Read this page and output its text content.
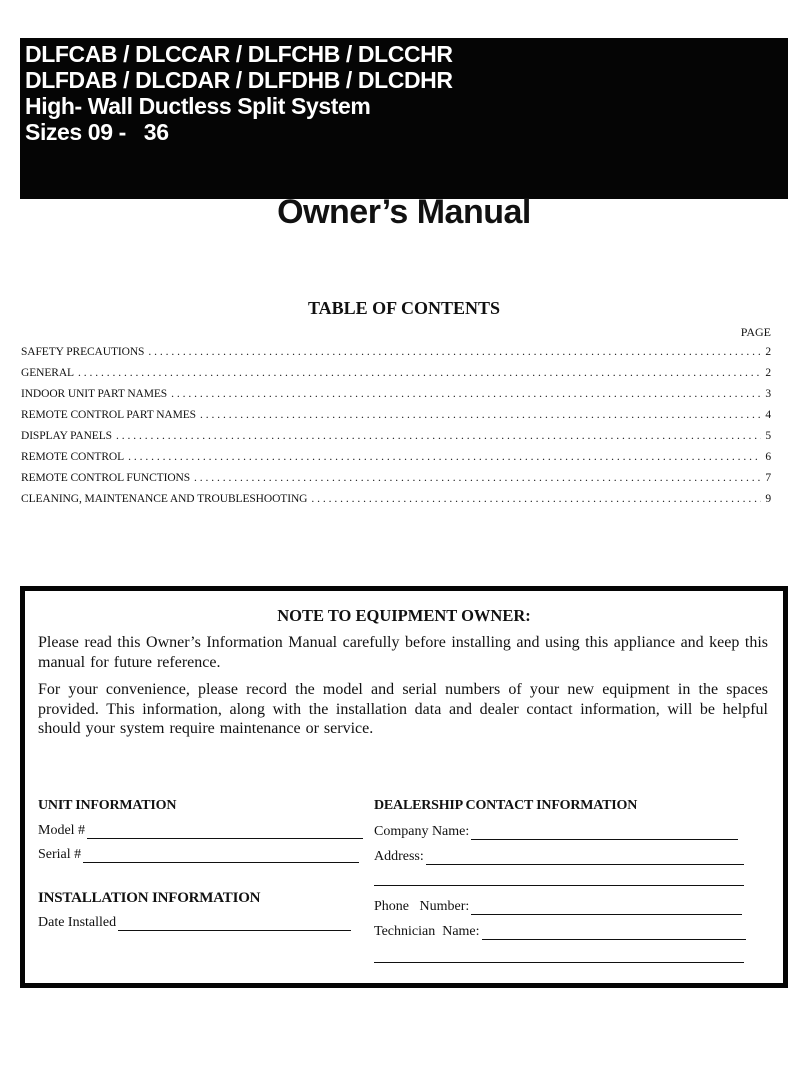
DLFCAB / DLCCAR / DLFCHB / DLCCHR
DLFDAB / DLCDAR / DLFDHB / DLCDHR
High- Wall Ductless Split System
Sizes 09 -   36
Owner’s Manual
TABLE OF CONTENTS
PAGE
SAFETY PRECAUTIONS . . .	2
GENERAL . . .	2
INDOOR UNIT PART NAMES . . .	3
REMOTE CONTROL PART NAMES . . .	4
DISPLAY PANELS . . .	5
REMOTE CONTROL . . .	6
REMOTE CONTROL FUNCTIONS . . .	7
CLEANING, MAINTENANCE AND TROUBLESHOOTING . . .	9
NOTE TO EQUIPMENT OWNER:
Please read this Owner’s Information Manual carefully before installing and using this appliance and keep this manual for future reference.
For your convenience, please record the model and serial numbers of your new equipment in the spaces provided. This information, along with the installation data and dealer contact information, will be helpful should your system require maintenance or service.
UNIT INFORMATION
Model #
Serial #
INSTALLATION INFORMATION
Date Installed
DEALERSHIP CONTACT INFORMATION
Company Name:
Address:
Phone   Number:
Technician  Name:
